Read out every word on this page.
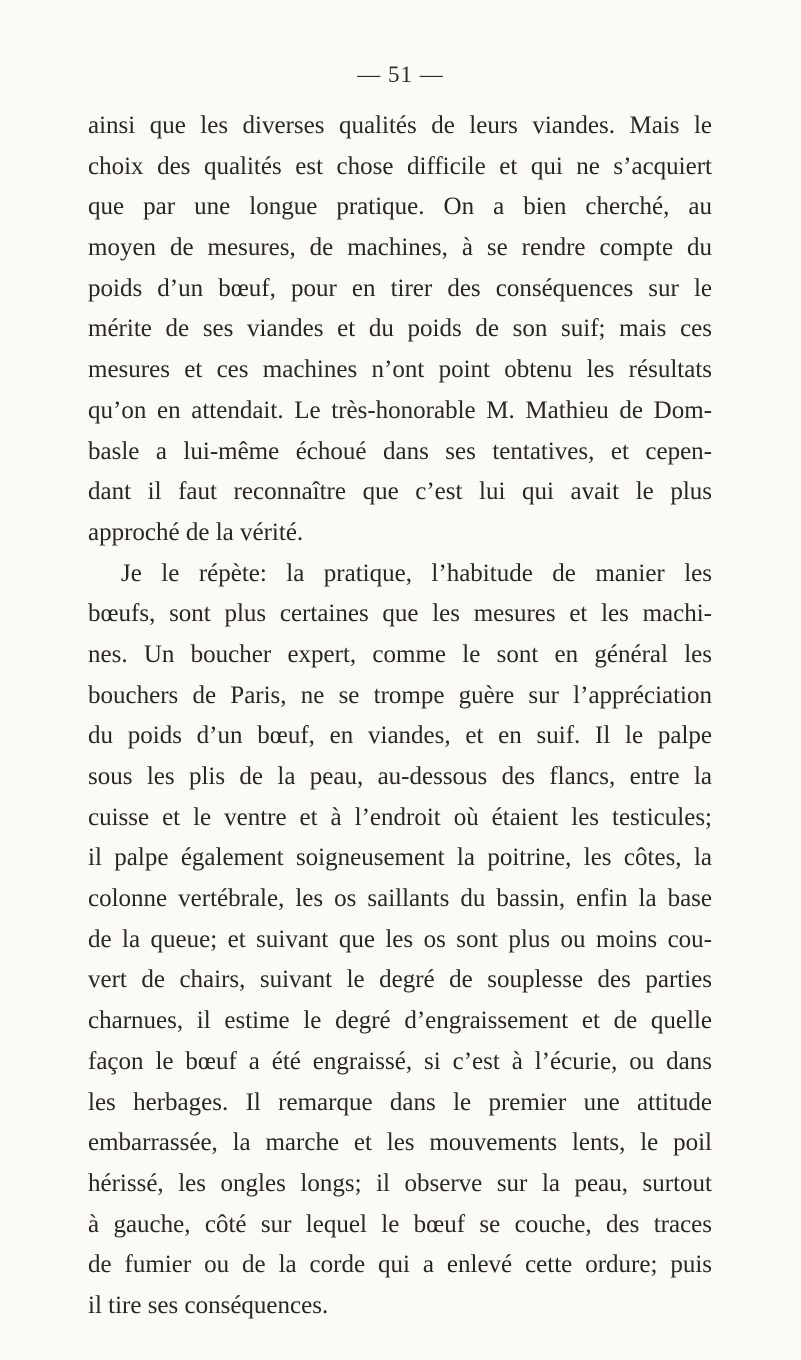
— 51 —
ainsi que les diverses qualités de leurs viandes. Mais le
choix des qualités est chose difficile et qui ne s’acquiert
que par une longue pratique. On a bien cherché, au
moyen de mesures, de machines, à se rendre compte du
poids d’un bœuf, pour en tirer des conséquences sur le
mérite de ses viandes et du poids de son suif; mais ces
mesures et ces machines n’ont point obtenu les résultats
qu’on en attendait. Le très-honorable M. Mathieu de Dom-
basle a lui-même échoué dans ses tentatives, et cepen-
dant il faut reconnaître que c’est lui qui avait le plus
approché de la vérité.
Je le répète: la pratique, l’habitude de manier les
bœufs, sont plus certaines que les mesures et les machi-
nes. Un boucher expert, comme le sont en général les
bouchers de Paris, ne se trompe guère sur l’appréciation
du poids d’un bœuf, en viandes, et en suif. Il le palpe
sous les plis de la peau, au-dessous des flancs, entre la
cuisse et le ventre et à l’endroit où étaient les testicules;
il palpe également soigneusement la poitrine, les côtes, la
colonne vertébrale, les os saillants du bassin, enfin la base
de la queue; et suivant que les os sont plus ou moins cou-
vert de chairs, suivant le degré de souplesse des parties
charnues, il estime le degré d’engraissement et de quelle
façon le bœuf a été engraissé, si c’est à l’écurie, ou dans
les herbages. Il remarque dans le premier une attitude
embarrassée, la marche et les mouvements lents, le poil
hérissé, les ongles longs; il observe sur la peau, surtout
à gauche, côté sur lequel le bœuf se couche, des traces
de fumier ou de la corde qui a enlevé cette ordure; puis
il tire ses conséquences.
